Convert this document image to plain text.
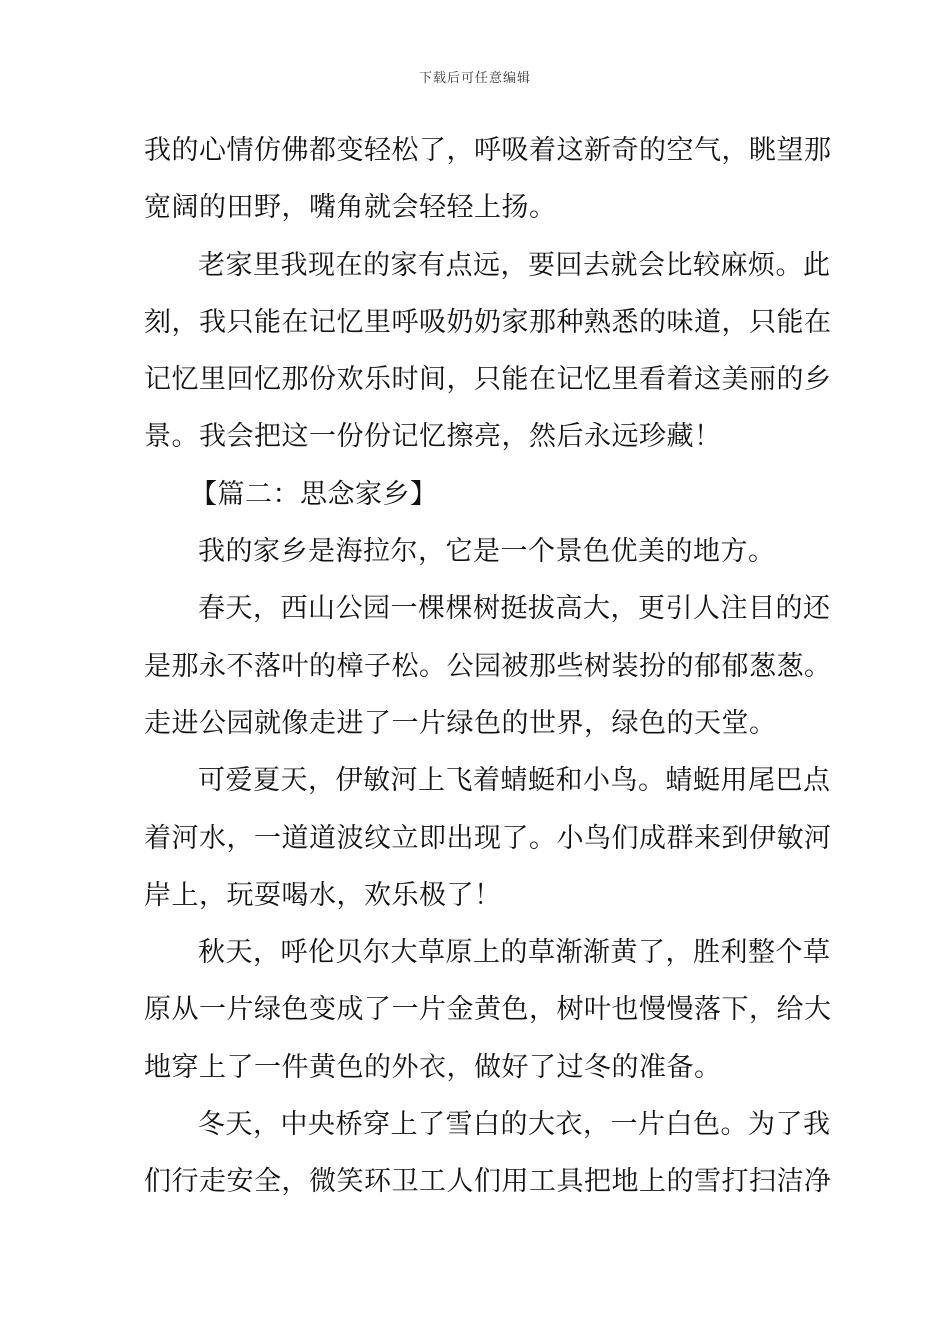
下载后可任意编辑
我的心情仿佛都变轻松了，呼吸着这新奇的空气，眺望那
宽阔的田野，嘴角就会轻轻上扬。
老家里我现在的家有点远，要回去就会比较麻烦。此
刻，我只能在记忆里呼吸奶奶家那种熟悉的味道，只能在
记忆里回忆那份欢乐时间，只能在记忆里看着这美丽的乡
景。我会把这一份份记忆擦亮，然后永远珍藏！
【篇二：思念家乡】
我的家乡是海拉尔，它是一个景色优美的地方。
春天，西山公园一棵棵树挺拔高大，更引人注目的还
是那永不落叶的樟子松。公园被那些树装扮的郁郁葱葱。
走进公园就像走进了一片绿色的世界，绿色的天堂。
可爱夏天，伊敏河上飞着蜻蜓和小鸟。蜻蜓用尾巴点
着河水，一道道波纹立即出现了。小鸟们成群来到伊敏河
岸上，玩耍喝水，欢乐极了！
秋天，呼伦贝尔大草原上的草渐渐黄了，胜利整个草
原从一片绿色变成了一片金黄色，树叶也慢慢落下，给大
地穿上了一件黄色的外衣，做好了过冬的准备。
冬天，中央桥穿上了雪白的大衣，一片白色。为了我
们行走安全，微笑环卫工人们用工具把地上的雪打扫洁净
